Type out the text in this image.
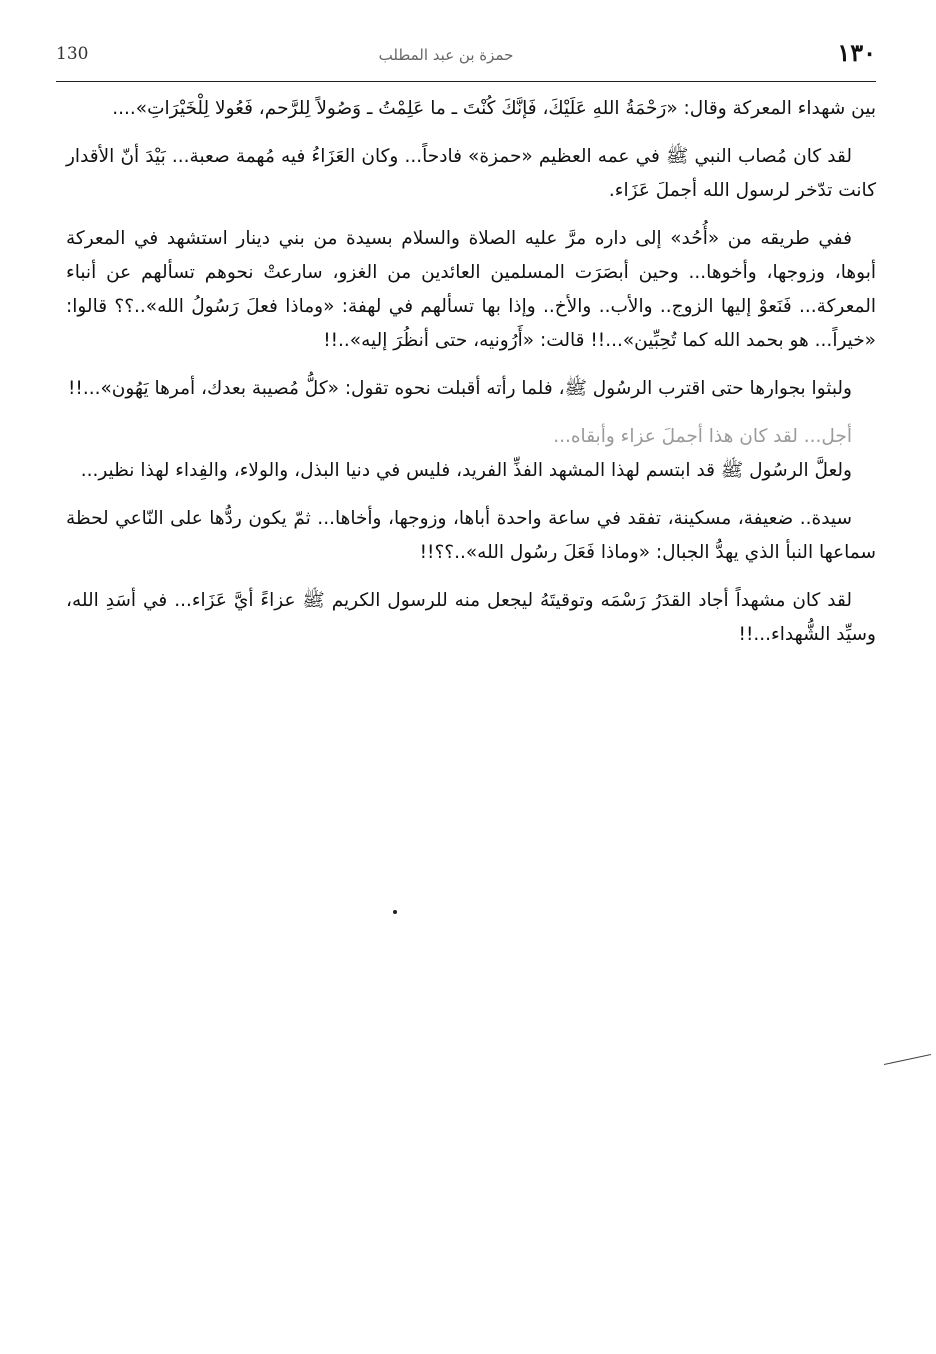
130	حمزة بن عبد المطلب	١٣٠

بين شهداء المعركة وقال: «رَحْمَةُ اللهِ عَلَيْكَ، فَإنَّكَ كُنْتَ ـ ما عَلِمْتُ ـ وَصُولاً لِلرَّحم، فَعُولا لِلْخَيْرَاتِ»....

لقد كان مُصاب النبي ﷺ في عمه العظيم «حمزة» فادحاً... وكان العَزَاءُ فيه مُهمة صعبة... بَيْدَ أنّ الأقدار كانت تدّخر لرسول الله أجملَ عَزَاء.

ففي طريقه من «أُحُد» إلى داره مرَّ عليه الصلاة والسلام بسيدة من بني دينار استشهد في المعركة أبوها، وزوجها، وأخوها... وحين أبصَرَت المسلمين العائدين من الغزو، سارعتْ نحوهم تسألهم عن أنباء المعركة... فَنَعوْ إليها الزوج.. والأب.. والأخ.. وإذا بها تسألهم في لهفة: «وماذا فعلَ رَسُولُ الله»..؟؟ قالوا: «خيراً... هو بحمد الله كما تُحِبِّين»...!! قالت: «أَرُونيه، حتى أنظُرَ إليه»..!!

ولبثوا بجوارها حتى اقترب الرسُول ﷺ، فلما رأته أقبلت نحوه تقول: «كلُّ مُصيبة بعدك، أمرها يَهُون»...!!

أجل... لقد كان هذا أجملَ عزاء وأبقاه...

ولعلَّ الرسُول ﷺ قد ابتسم لهذا المشهد الفذِّ الفريد، فليس في دنيا البذل، والولاء، والفِداء لهذا نظير...

سيدة.. ضعيفة، مسكينة، تفقد في ساعة واحدة أباها، وزوجها، وأخاها... ثمّ يكون ردُّها على النّاعي لحظة سماعها النبأ الذي يهدُّ الجبال: «وماذا فَعَلَ رسُول الله»..؟؟!!

لقد كان مشهداً أجاد القدَرُ رَسْمَه وتوقيتَهُ ليجعل منه للرسول الكريم ﷺ عزاءً أيَّ عَزَاء... في أسَدِ الله، وسيِّد الشُّهداء...!!
